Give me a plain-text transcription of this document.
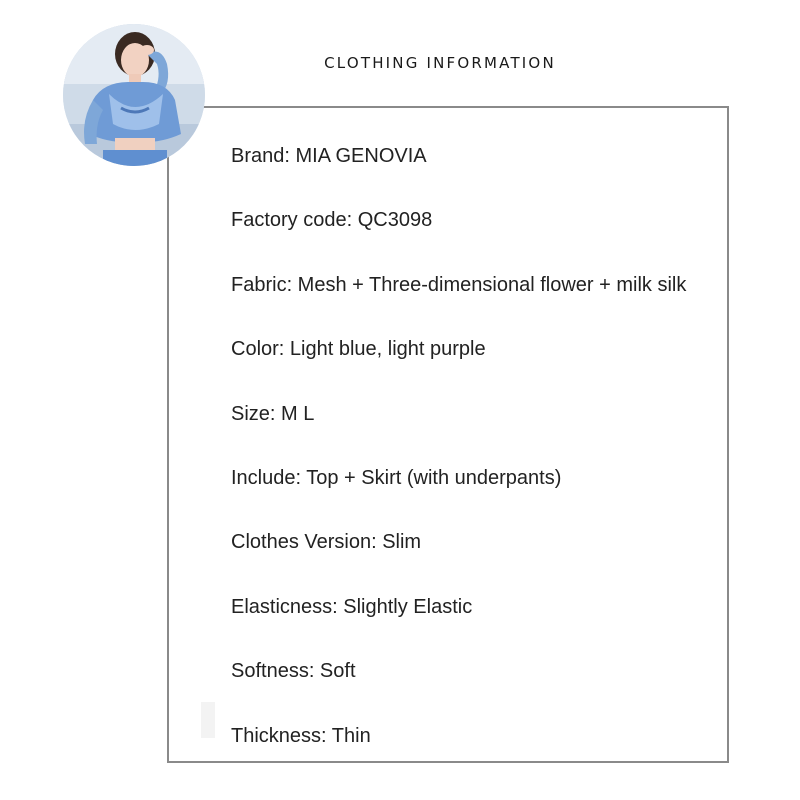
CLOTHING INFORMATION
Brand: MIA GENOVIA
Factory code: QC3098
Fabric: Mesh + Three-dimensional flower + milk silk
Color: Light blue, light purple
Size: M L
Include: Top + Skirt (with underpants)
Clothes Version: Slim
Elasticness: Slightly Elastic
Softness: Soft
Thickness: Thin
